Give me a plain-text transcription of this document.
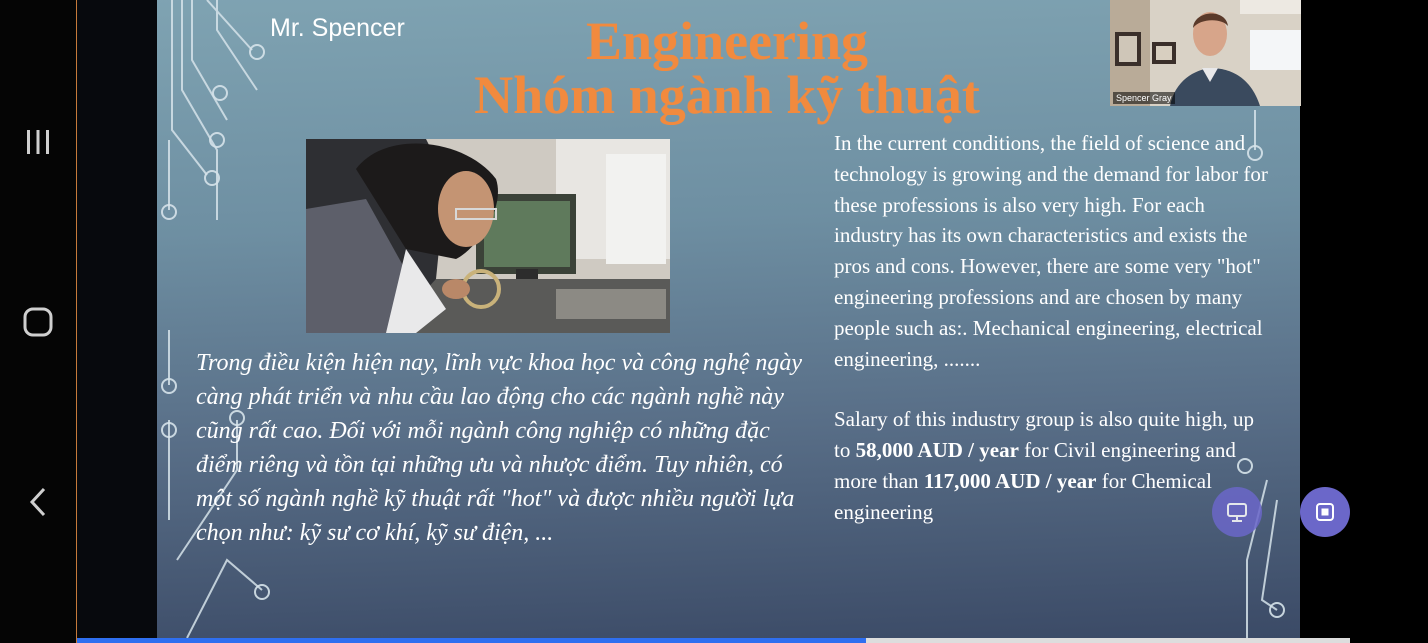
Mr. Spencer	Engineering
Nhóm ngành kỹ thuật
Trong điều kiện hiện nay, lĩnh vực khoa học và công nghệ ngày càng phát triển và nhu cầu lao động cho các ngành nghề này cũng rất cao. Đối với mỗi ngành công nghiệp có những đặc điểm riêng và tồn tại những ưu và nhược điểm. Tuy nhiên, có một số ngành nghề kỹ thuật rất "hot" và được nhiều người lựa chọn như: kỹ sư cơ khí, kỹ sư điện, ...

In the current conditions, the field of science and technology is growing and the demand for labor for these professions is also very high. For each industry has its own characteristics and exists the pros and cons. However, there are some very "hot" engineering professions and are chosen by many people such as:. Mechanical engineering, electrical engineering, .......

Salary of this industry group is also quite high, up to 58,000 AUD / year for Civil engineering and more than 117,000 AUD / year for Chemical engineering

Spencer Gray
